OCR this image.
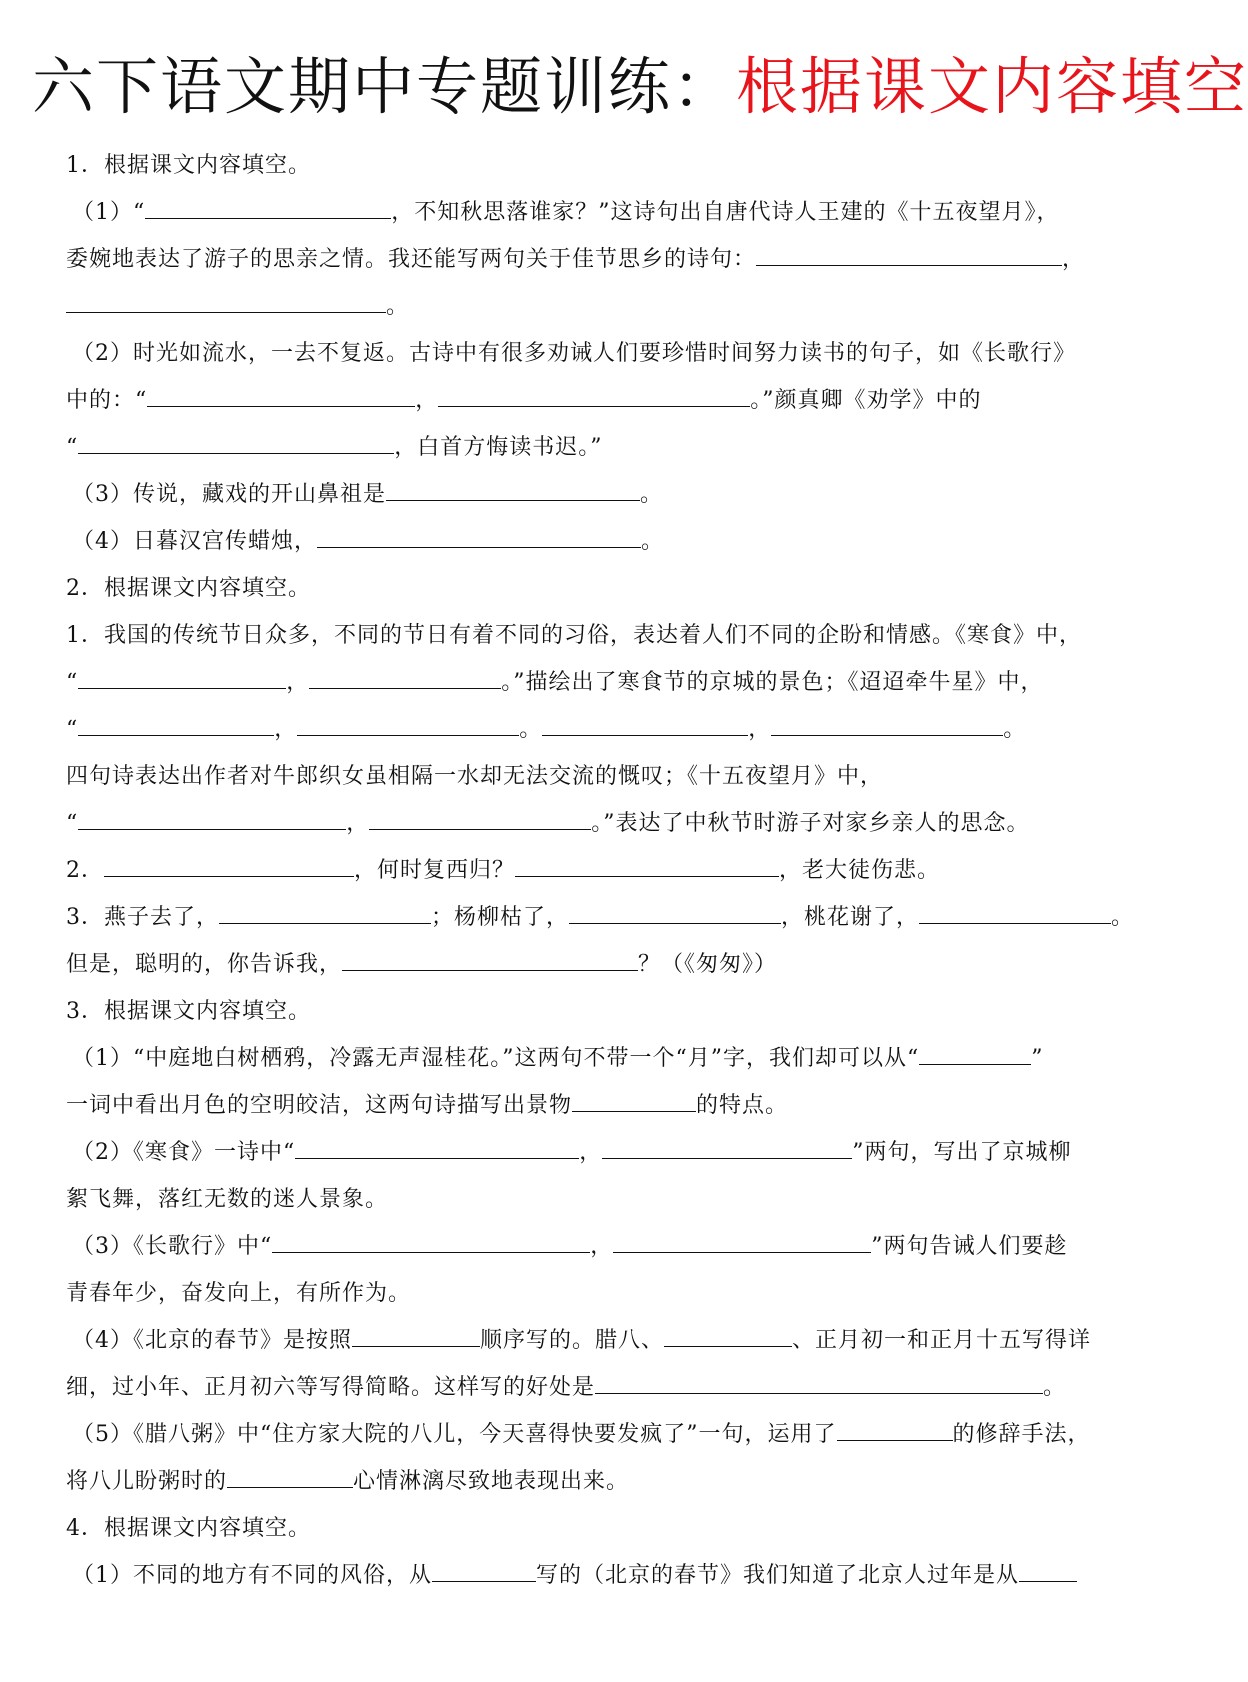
六下语文期中专题训练：根据课文内容填空
1．根据课文内容填空。
（1）“	，不知秋思落谁家？”这诗句出自唐代诗人王建的《十五夜望月》，
委婉地表达了游子的思亲之情。我还能写两句关于佳节思乡的诗句：	，
。
（2）时光如流水，一去不复返。古诗中有很多劝诫人们要珍惜时间努力读书的句子，如《长歌行》
中的：“	，	。”颜真卿《劝学》中的
“	，白首方悔读书迟。”
（3）传说，藏戏的开山鼻祖是	。
（4）日暮汉宫传蜡烛，	。
2．根据课文内容填空。
1．我国的传统节日众多，不同的节日有着不同的习俗，表达着人们不同的企盼和情感。《寒食》中，
“	，	。”描绘出了寒食节的京城的景色；《迢迢牵牛星》中，
“	，	。	，	。
四句诗表达出作者对牛郎织女虽相隔一水却无法交流的慨叹；《十五夜望月》中，
“	，	。”表达了中秋节时游子对家乡亲人的思念。
2．	，何时复西归？	，老大徒伤悲。
3．燕子去了，	；杨柳枯了，	，桃花谢了，	。
但是，聪明的，你告诉我，	？（《匆匆》）
3．根据课文内容填空。
（1）“中庭地白树栖鸦，冷露无声湿桂花。”这两句不带一个“月”字，我们却可以从“	”
一词中看出月色的空明皎洁，这两句诗描写出景物	的特点。
（2）《寒食》一诗中“	，	”两句，写出了京城柳
絮飞舞，落红无数的迷人景象。
（3）《长歌行》中“	，	”两句告诫人们要趁
青春年少，奋发向上，有所作为。
（4）《北京的春节》是按照	顺序写的。腊八、	、正月初一和正月十五写得详
细，过小年、正月初六等写得简略。这样写的好处是	。
（5）《腊八粥》中“住方家大院的八儿，今天喜得快要发疯了”一句，运用了	的修辞手法，
将八儿盼粥时的	心情淋漓尽致地表现出来。
4．根据课文内容填空。
（1）不同的地方有不同的风俗，从	写的（北京的春节》我们知道了北京人过年是从
